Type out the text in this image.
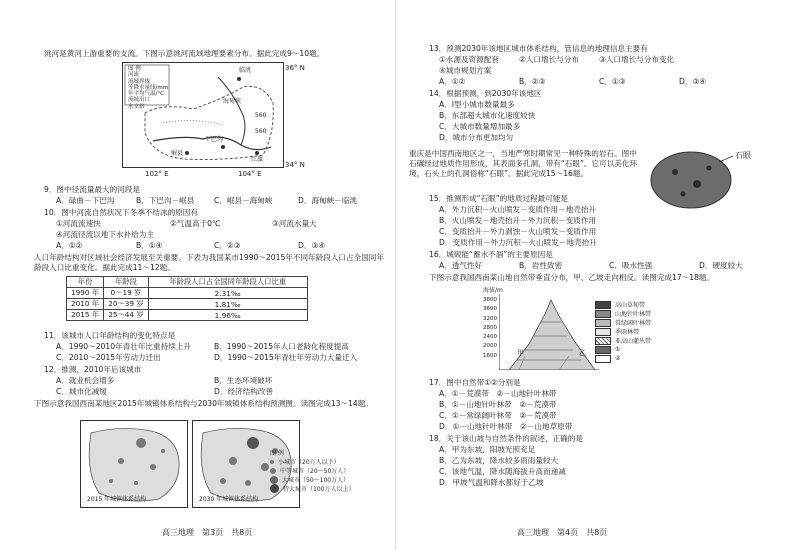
洮河是黄河上游重要的支流。下图示意洮河流域地理要素分布。据此完成9～10题。
图 例
河流
流域界线
等降水量线/mm
年平均气温/°C
流域出口
水文站
临洮
海甸峡
岷县
下巴沟
红旗
560
560
36° N
34° N
102° E	104° E
9．图中径流量最大的河段是
A．碌曲－下巴沟	B．下巴沟－岷县	C．岷县－海甸峡	D．海甸峡－临洮
10．图中河流自然状况下冬季不结冰的原因有
①河流流速快	②气温高于0℃	③河流水量大
④河流径流以地下水补给为主
A．①②	B．①④	C．②③	D．③④
人口年龄结构对区域社会经济发展至关重要。下表为我国某市1990～2015年不同年龄段人口占全国同年龄段人口比重变化。据此完成11～12题。
年份	年龄段	年龄段人口占全国同年龄段人口比重
1990 年	0～19 岁	2.31‰
2010 年	20～39 岁	1.81‰
2015 年	25～44 岁	1.96‰
11．该城市人口年龄结构的变化特点是
A．1990～2010年青壮年比重持续上升	B．1990～2015年人口老龄化程度提高
C．2010～2015年劳动力迁出	D．1990～2015年青壮年劳动力大量迁入
12．推测，2010年后该城市
A．就业机会增多	B．生态环境破坏
C．城市化减缓	D．经济结构改善
下图示意我国西南某地区2015年城镇体系结构与2030年城镇体系结构预测图。读图完成13～14题。
2015 年城镇体系结构	2030 年城镇体系结构
图 例
小城市（20万人以下）
中等城市（20～50万人）
大城市（50～100万人）
特大城市（100万人以上）
高三地理　第3页　共8页
13．预测2030年该地区城市体系结构，管信息的地理信息主要有
①水源及资源配套	②人口增长与分布	③人口增长与分布变化
④城市规划方案
A．①②	B．②③	C．①③	D．③④
14．根据预测，到2030年该地区
A．Ⅰ型小城市数量最多
B．东部超大城市化速度较快
C．大城市数量增加最多
D．城市分布更加均匀
重庆是中国西南地区之一，当地严寒时期常见一种特殊的岩石。图中石碾经过地质作用形成，其表面多孔洞，带有“石眼”。它可以美化环境，石头上的孔洞俗称“石眼”。据此完成15～16题。
石眼
15．推测形成“石眼”的地质过程最可能是
A．外力沉积－火山喷发－变质作用－地壳抬升
B．火山喷发－地壳抬升－外力沉积－变质作用
C．变质抬升－外力剥蚀－火山喷发－变质作用
D．变质作用－外力沉积－火山喷发－地壳抬升
16．城砚能“蓄水不涸”的主要原因是
A．透气性好	B．岩性致密	C．吸水性强	D．硬度较大
下图示意我国西南某山地自然带垂直分布，甲、乙坡走向相反。读图完成17～18题。
海拔/m
3800
3600
3200
2800
2400
2000
1600	甲	乙
高山草甸带
山地针叶林带
常绿阔叶林带
季雨林带
亚高山灌丛带
①
②
17．图中自然带①②分别是
A．①－荒漠带　②－山地针叶林带
B．①－山地针叶林带　②－荒漠带
C．①－常绿阔叶林带　②－荒漠带
D．①－山地针叶林带　②－山地草原带
18．关于该山坡与自然条件的叙述，正确的是
A．甲为东坡，阳坡光照充足
B．乙为东坡，降水较多雨雨量较大
C．该地气温，降水随海拔升高而递减
D．甲坡气温和降水都好于乙坡
高三地理　第4页　共8页
